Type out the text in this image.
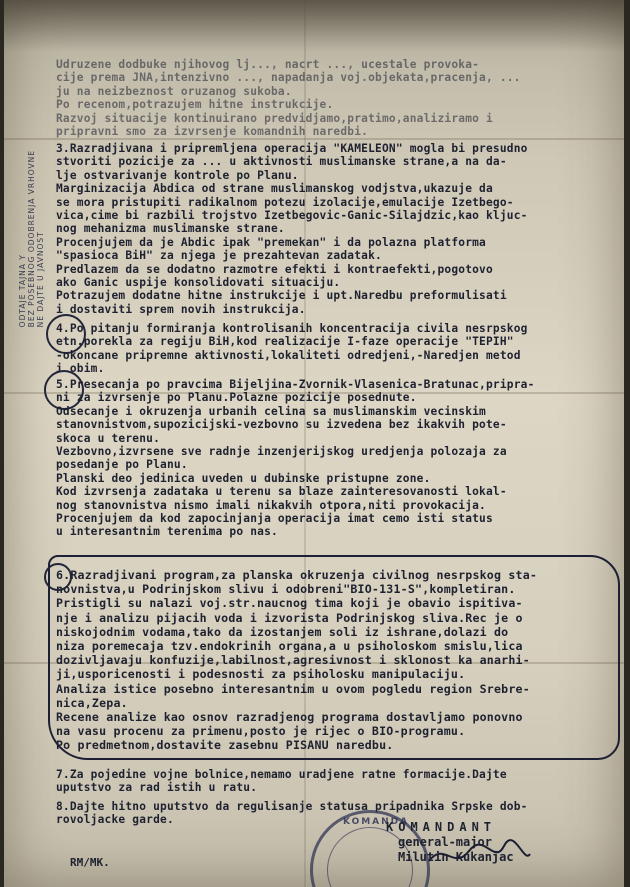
ODTAJE TAJNA Y
BEZ POSEBNOG ODOBRENJA VRHOVNE
NE DAJTE U JAVNOST

Udruzene dodbuke njihovog lj..., nacrt ..., ucestale provoka-

cije prema JNA,intenzivno ..., napadanja voj.objekata,pracenja, ...

ju na neizbeznost oruzanog sukoba.

Po recenom,potrazujem hitne instrukcije.

Razvoj situacije kontinuirano predvidjamo,pratimo,analiziramo i

pripravni smo za izvrsenje komandnih naredbi.

3.Razradjivana i pripremljena operacija "KAMELEON" mogla bi presudno

stvoriti pozicije za ... u aktivnosti muslimanske strane,a na da-

lje ostvarivanje kontrole po Planu.

Marginizacija Abdica od strane muslimanskog vodjstva,ukazuje da

se mora pristupiti radikalnom potezu izolacije,emulacije Izetbego-

vica,cime bi razbili trojstvo Izetbegovic-Ganic-Silajdzic,kao kljuc-

nog mehanizma muslimanske strane.

Procenjujem da je Abdic ipak "premekan" i da polazna platforma

"spasioca BiH" za njega je prezahtevan zadatak.

Predlazem da se dodatno razmotre efekti i kontraefekti,pogotovo

ako Ganic uspije konsolidovati situaciju.

Potrazujem dodatne hitne instrukcije i upt.Naredbu preformulisati

i dostaviti sprem novih instrukcija.

4.Po pitanju formiranja kontrolisanih koncentracija civila nesrpskog

etn.porekla za regiju BiH,kod realizacije I-faze operacije "TEPIH"

-okoncane pripremne aktivnosti,lokaliteti odredjeni,-Naredjen metod

i obim.

5.Presecanja po pravcima Bijeljina-Zvornik-Vlasenica-Bratunac,pripra-

ni za izvrsenje po Planu.Polazne pozicije posednute.

Odsecanje i okruzenja urbanih celina sa muslimanskim vecinskim

stanovnistvom,supozicijski-vezbovno su izvedena bez ikakvih pote-

skoca u terenu.

Vezbovno,izvrsene sve radnje inzenjerijskog uredjenja polozaja za

posedanje po Planu.

Planski deo jedinica uveden u dubinske pristupne zone.

Kod izvrsenja zadataka u terenu sa blaze zainteresovanosti lokal-

nog stanovnistva nismo imali nikakvih otpora,niti provokacija.

Procenjujem da kod zapocinjanja operacija imat cemo isti status

u interesantnim terenima po nas.

6.Razradjivani program,za planska okruzenja civilnog nesrpskog sta-

novnistva,u Podrinjskom slivu i odobreni"BIO-131-S",kompletiran.

Pristigli su nalazi voj.str.naucnog tima koji je obavio ispitiva-

nje i analizu pijacih voda i izvorista Podrinjskog sliva.Rec je o

niskojodnim vodama,tako da izostanjem soli iz ishrane,dolazi do

niza poremecaja tzv.endokrinih organa,a u psiholoskom smislu,lica

dozivljavaju konfuzije,labilnost,agresivnost i sklonost ka anarhi-

ji,usporicenosti i podesnosti za psiholosku manipulaciju.

Analiza istice posebno interesantnim u ovom pogledu region Srebre-

nica,Zepa.

Recene analize kao osnov razradjenog programa dostavljamo ponovno

na vasu procenu za primenu,posto je rijec o BIO-programu.

Po predmetnom,dostavite zasebnu PISANU naredbu.

7.Za pojedine vojne bolnice,nemamo uradjene ratne formacije.Dajte

uputstvo za rad istih u ratu.

8.Dajte hitno uputstvo da regulisanje statusa pripadnika Srpske dob-

rovoljacke garde.	KOMANDA

KOMANDANT

general-major

Milutin Kukanjac

RM/MK.
